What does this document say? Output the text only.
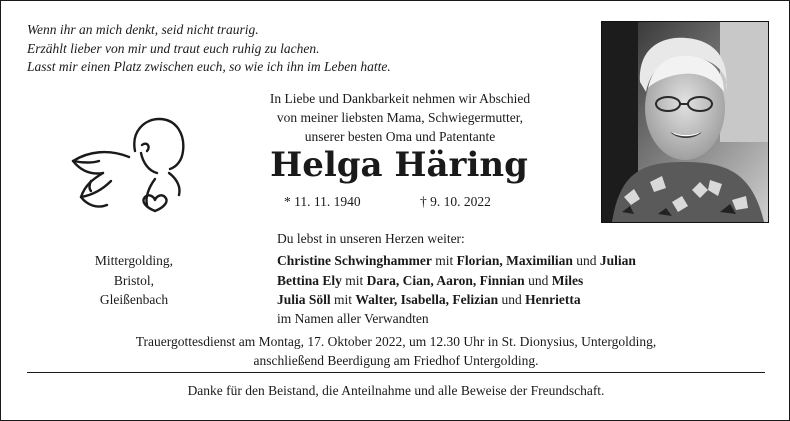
Wenn ihr an mich denkt, seid nicht traurig.
Erzählt lieber von mir und traut euch ruhig zu lachen.
Lasst mir einen Platz zwischen euch, so wie ich ihn im Leben hatte.
In Liebe und Dankbarkeit nehmen wir Abschied
von meiner liebsten Mama, Schwiegermutter,
unserer besten Oma und Patentante
Helga Häring
* 11. 11. 1940	† 9. 10. 2022
Mittergolding,
Bristol,
Gleißenbach
Du lebst in unseren Herzen weiter:
Christine Schwinghammer mit Florian, Maximilian und Julian
Bettina Ely mit Dara, Cian, Aaron, Finnian und Miles
Julia Söll mit Walter, Isabella, Felizian und Henrietta
im Namen aller Verwandten
Trauergottesdienst am Montag, 17. Oktober 2022, um 12.30 Uhr in St. Dionysius, Untergolding,
anschließend Beerdigung am Friedhof Untergolding.
Danke für den Beistand, die Anteilnahme und alle Beweise der Freundschaft.
